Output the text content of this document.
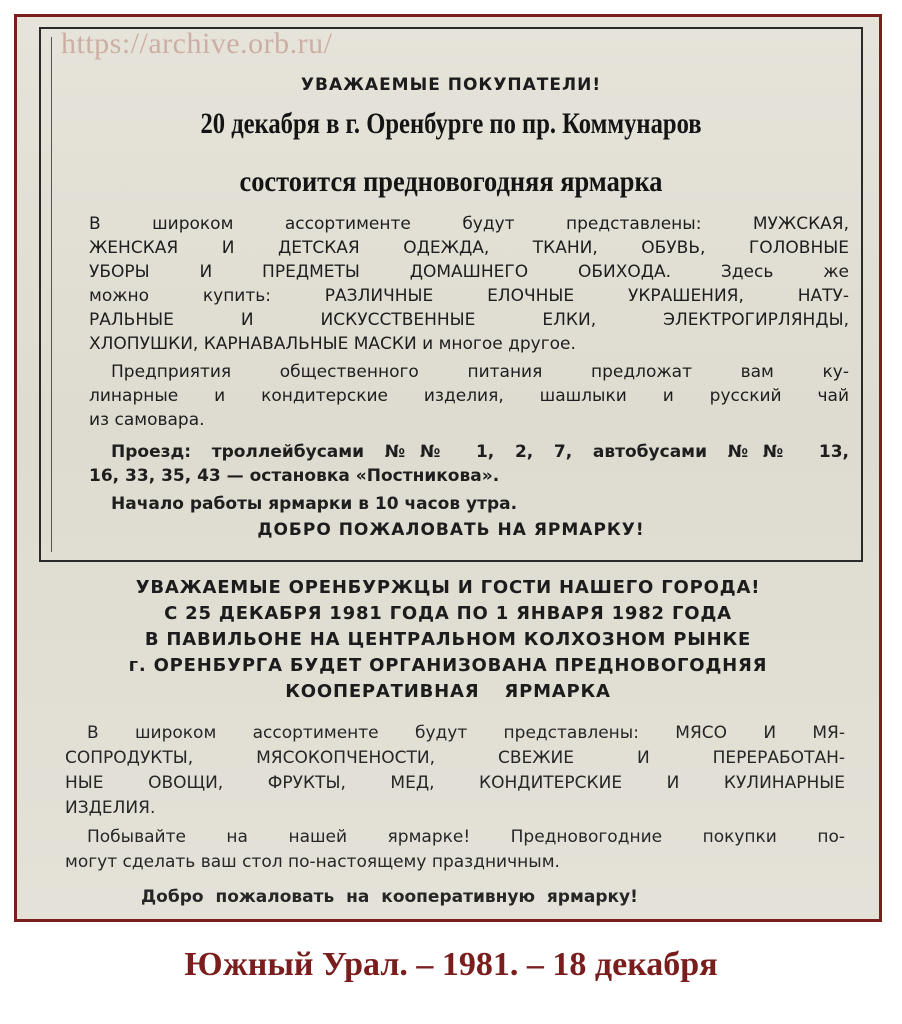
УВАЖАЕМЫЕ ПОКУПАТЕЛИ!
20 декабря в г. Оренбурге по пр. Коммунаров
состоится предновогодняя ярмарка
В широком ассортименте будут представлены: МУЖСКАЯ,
ЖЕНСКАЯ И ДЕТСКАЯ ОДЕЖДА, ТКАНИ, ОБУВЬ, ГОЛОВНЫЕ
УБОРЫ И ПРЕДМЕТЫ ДОМАШНЕГО ОБИХОДА. Здесь же
можно купить: РАЗЛИЧНЫЕ ЕЛОЧНЫЕ УКРАШЕНИЯ, НАТУ-
РАЛЬНЫЕ И ИСКУССТВЕННЫЕ ЕЛКИ, ЭЛЕКТРОГИРЛЯНДЫ,
ХЛОПУШКИ, КАРНАВАЛЬНЫЕ МАСКИ и многое другое.
Предприятия общественного питания предложат вам ку-
линарные и кондитерские изделия, шашлыки и русский чай
из самовара.
Проезд: троллейбусами №№ 1, 2, 7, автобусами №№ 13,
16, 33, 35, 43 — остановка «Постникова».
Начало работы ярмарки в 10 часов утра.
ДОБРО ПОЖАЛОВАТЬ НА ЯРМАРКУ!
УВАЖАЕМЫЕ ОРЕНБУРЖЦЫ И ГОСТИ НАШЕГО ГОРОДА!
С 25 ДЕКАБРЯ 1981 ГОДА ПО 1 ЯНВАРЯ 1982 ГОДА
В ПАВИЛЬОНЕ НА ЦЕНТРАЛЬНОМ КОЛХОЗНОМ РЫНКЕ
г. ОРЕНБУРГА БУДЕТ ОРГАНИЗОВАНА ПРЕДНОВОГОДНЯЯ
КООПЕРАТИВНАЯ ЯРМАРКА
В широком ассортименте будут представлены: МЯСО И МЯ-
СОПРОДУКТЫ, МЯСОКОПЧЕНОСТИ, СВЕЖИЕ И ПЕРЕРАБОТАН-
НЫЕ ОВОЩИ, ФРУКТЫ, МЕД, КОНДИТЕРСКИЕ И КУЛИНАРНЫЕ
ИЗДЕЛИЯ.
Побывайте на нашей ярмарке! Предновогодние покупки по-
могут сделать ваш стол по-настоящему праздничным.
Добро пожаловать на кооперативную ярмарку!
https://archive.orb.ru/
Южный Урал. – 1981. – 18 декабря
